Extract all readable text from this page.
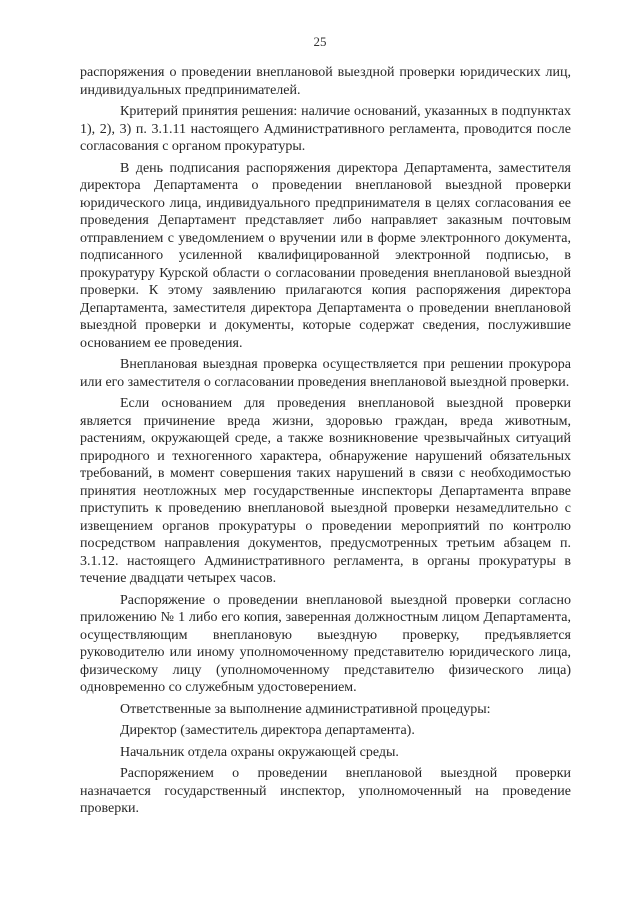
25

распоряжения о проведении внеплановой выездной проверки юридических лиц, индивидуальных предпринимателей.

Критерий принятия решения: наличие оснований, указанных в подпунктах 1), 2), 3) п. 3.1.11 настоящего Административного регламента, проводится после согласования с органом прокуратуры.

В день подписания распоряжения директора Департамента, заместителя директора Департамента о проведении внеплановой выездной проверки юридического лица, индивидуального предпринимателя в целях согласования ее проведения Департамент представляет либо направляет заказным почтовым отправлением с уведомлением о вручении или в форме электронного документа, подписанного усиленной квалифицированной электронной подписью, в прокуратуру Курской области о согласовании проведения внеплановой выездной проверки. К этому заявлению прилагаются копия распоряжения директора Департамента, заместителя директора Департамента о проведении внеплановой выездной проверки и документы, которые содержат сведения, послужившие основанием ее проведения.

Внеплановая выездная проверка осуществляется при решении прокурора или его заместителя о согласовании проведения внеплановой выездной проверки.

Если основанием для проведения внеплановой выездной проверки является причинение вреда жизни, здоровью граждан, вреда животным, растениям, окружающей среде, а также возникновение чрезвычайных ситуаций природного и техногенного характера, обнаружение нарушений обязательных требований, в момент совершения таких нарушений в связи с необходимостью принятия неотложных мер государственные инспекторы Департамента вправе приступить к проведению внеплановой выездной проверки незамедлительно с извещением органов прокуратуры о проведении мероприятий по контролю посредством направления документов, предусмотренных третьим абзацем п. 3.1.12. настоящего Административного регламента, в органы прокуратуры в течение двадцати четырех часов.

Распоряжение о проведении внеплановой выездной проверки согласно приложению № 1 либо его копия, заверенная должностным лицом Департамента, осуществляющим внеплановую выездную проверку, предъявляется руководителю или иному уполномоченному представителю юридического лица, физическому лицу (уполномоченному представителю физического лица) одновременно со служебным удостоверением.

Ответственные за выполнение административной процедуры:

Директор (заместитель директора департамента).

Начальник отдела охраны окружающей среды.

Распоряжением о проведении внеплановой выездной проверки назначается государственный инспектор, уполномоченный на проведение проверки.
